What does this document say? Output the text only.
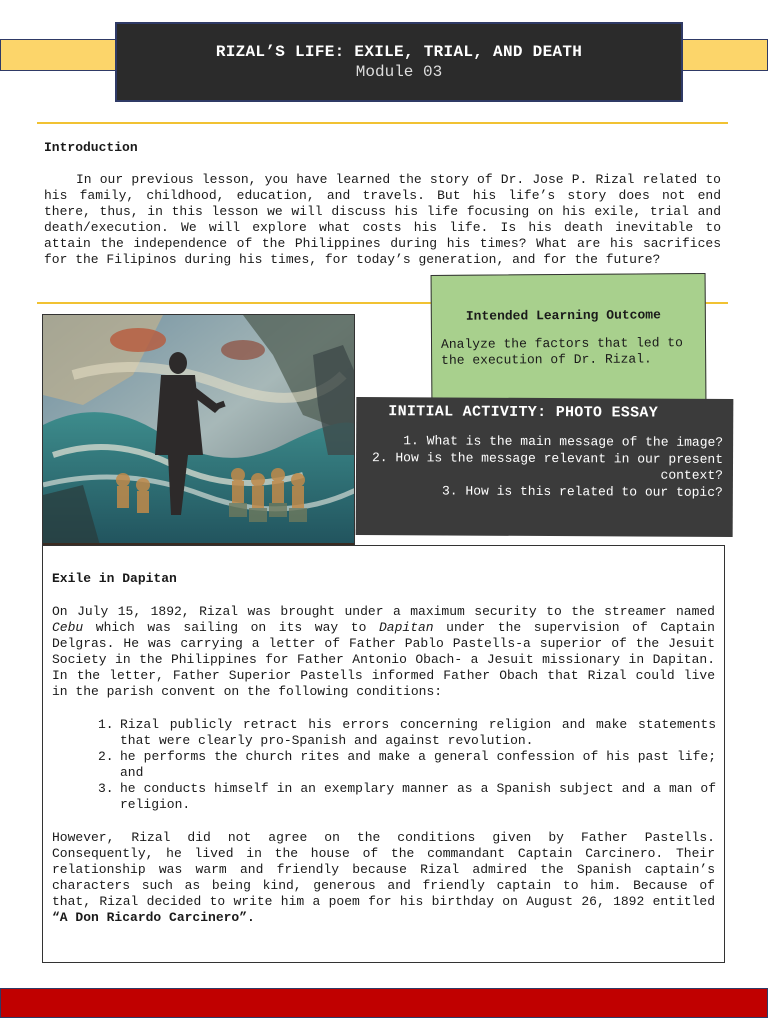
RIZAL’S LIFE: EXILE, TRIAL, AND DEATH
Module 03
Introduction

In our previous lesson, you have learned the story of Dr. Jose P. Rizal related to his family, childhood, education, and travels. But his life’s story does not end there, thus, in this lesson we will discuss his life focusing on his exile, trial and death/execution. We will explore what costs his life. Is his death inevitable to attain the independence of the Philippines during his times? What are his sacrifices for the Filipinos during his times, for today’s generation, and for the future?

Intended Learning Outcome

Analyze the factors that led to the execution of Dr. Rizal.

INITIAL ACTIVITY: PHOTO ESSAY
1. What is the main message of the image?
2. How is the message relevant in our present context?
3. How is this related to our topic?
Exile in Dapitan

On July 15, 1892, Rizal was brought under a maximum security to the streamer named Cebu which was sailing on its way to Dapitan under the supervision of Captain Delgras. He was carrying a letter of Father Pablo Pastells-a superior of the Jesuit Society in the Philippines for Father Antonio Obach- a Jesuit missionary in Dapitan. In the letter, Father Superior Pastells informed Father Obach that Rizal could live in the parish convent on the following conditions:

1. Rizal publicly retract his errors concerning religion and make statements that were clearly pro-Spanish and against revolution.
2. he performs the church rites and make a general confession of his past life; and
3. he conducts himself in an exemplary manner as a Spanish subject and a man of religion.

However, Rizal did not agree on the conditions given by Father Pastells. Consequently, he lived in the house of the commandant Captain Carcinero. Their relationship was warm and friendly because Rizal admired the Spanish captain’s characters such as being kind, generous and friendly captain to him. Because of that, Rizal decided to write him a poem for his birthday on August 26, 1892 entitled “A Don Ricardo Carcinero”.
